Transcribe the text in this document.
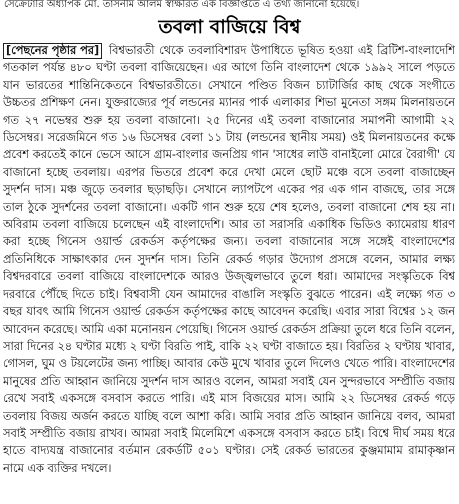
সেক্রেটারি অধ্যাপক মো. তাসনীম আলম স্বাক্ষরিত এক বিজ্ঞপ্তিতে এ তথ্য জানানো হয়েছে।
তবলা বাজিয়ে বিশ্ব
[পেছনের পৃষ্ঠার পর] বিশ্বভারতী থেকে তবলাবিশারদ উপাধিতে ভূষিত হওয়া এই ব্রিটিশ-বাংলাদেশি গতকাল পর্যন্ত ৪৮০ ঘণ্টা তবলা বাজিয়েছেন। এর আগে তিনি বাংলাদেশ থেকে ১৯৯২ সালে পড়তে যান ভারতের শান্তিনিকেতনে বিশ্বভারতীতে। সেখানে পণ্ডিত বিজন চ্যাটার্জির কাছ থেকে সংগীতে উচ্চতর প্রশিক্ষণ নেন। যুক্তরাজ্যের পূর্ব লন্ডনের ম্যানর পার্ক এলাকার শিভা মুনেতা সঙ্গম মিলনায়তনে গত ২৭ নভেম্বর শুরু হয় তবলা বাজানো। ২৫ দিনের এই তবলা বাজানোর সমাপনী আগামী ২২ ডিসেম্বর। সরেজমিনে গত ১৬ ডিসেম্বর বেলা ১১ টায় (লন্ডনের স্থানীয় সময়) ওই মিলনায়তনের কক্ষে প্রবেশ করতেই কানে ভেসে আসে গ্রাম-বাংলার জনপ্রিয় গান 'সাধের লাউ বানাইলো মোরে বৈরাগী' যে বাজানো হচ্ছে তবলায়। এরপর ভিতরে প্রবেশ করে দেখা মেলে ছোট মঞ্চে বসে তবলা বাজাচ্ছেন সুদর্শন দাস। মঞ্চ জুড়ে তবলার ছড়াছড়ি। সেখানে ল্যাপটপে একের পর এক গান বাজছে, তার সঙ্গে তাল ঠুকে সুদর্শনের তবলা বাজানো। একটি গান শুরু হয়ে শেষ হলেও, তবলা বাজানো শেষ হয় না। অবিরাম তবলা বাজিয়ে চলেছেন এই বাংলাদেশি। আর তা সরাসরি একাধিক ভিডিও ক্যামেরায় ধারণ করা হচ্ছে গিনেস ওয়ার্ল্ড রেকর্ডস কর্তৃপক্ষের জন্য। তবলা বাজানোর সঙ্গে সঙ্গেই বাংলাদেশের প্রতিনিধিকে সাক্ষাৎকার দেন সুদর্শন দাস। তিনি রেকর্ড গড়ার উদ্যোগ প্রসঙ্গে বলেন, আমার লক্ষ্য বিশ্বদরবারে তবলা বাজিয়ে বাংলাদেশকে আরও উজ্জ্বলভাবে তুলে ধরা। আমাদের সংস্কৃতিকে বিশ্ব দরবারে পৌঁছে দিতে চাই। বিশ্ববাসী যেন আমাদের বাঙালি সংস্কৃতি বুঝতে পারেন। এই লক্ষ্যে গত ৩ বছর যাবৎ আমি গিনেস ওয়ার্ল্ড রেকর্ডস কর্তৃপক্ষের কাছে আবেদন করেছি। এবার সারা বিশ্বের ১২ জন আবেদন করেছে। আমি একা মনোনয়ন পেয়েছি। গিনেস ওয়ার্ল্ড রেকর্ডস প্রক্রিয়া তুলে ধরে তিনি বলেন, সারা দিনের ২৪ ঘণ্টার মধ্যে ২ ঘণ্টা বিরতি পাই, বাকি ২২ ঘণ্টা বাজাতে হয়। বিরতির ২ ঘণ্টায় খাবার, গোসল, ঘুম ও টয়লেটের জন্য পাচ্ছি। আবার কেউ মুখে খাবার তুলে দিলেও খেতে পারি। বাংলাদেশের মানুষের প্রতি আহ্বান জানিয়ে সুদর্শন দাস আরও বলেন, আমরা সবাই যেন সুন্দরভাবে সম্প্রীতি বজায় রেখে সবাই একসঙ্গে বসবাস করতে পারি। এই মাস বিজয়ের মাস। আমি ২২ ডিসেম্বর রেকর্ড গড়ে তবলায় বিজয় অর্জন করতে যাচ্ছি বলে আশা করি। আমি সবার প্রতি আহ্বান জানিয়ে বলব, আমরা সবাই সম্প্রীতি বজায় রাখব। আমরা সবাই মিলেমিশে একসঙ্গে বসবাস করতে চাই। বিশ্বে দীর্ঘ সময় ধরে হাতে বাদ্যযন্ত্র বাজানোর বর্তমান রেকর্ডটি ৫০১ ঘণ্টার। সেই রেকর্ড ভারতের কুঞ্জমামাম রামাকৃষ্ণান নামে এক ব্যক্তির দখলে।
